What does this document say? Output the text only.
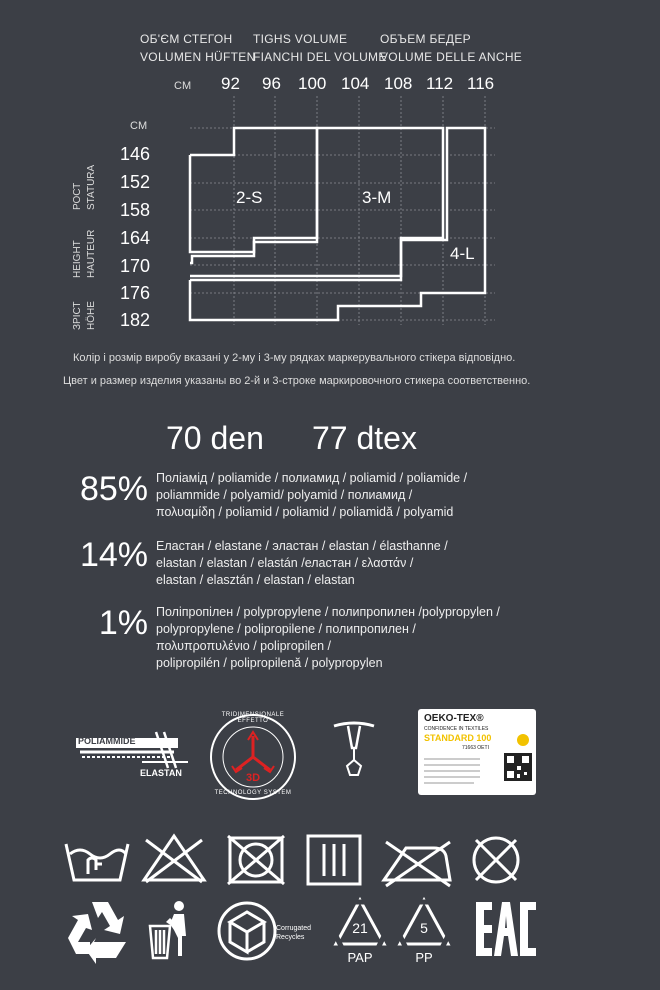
ОБ'ЄМ СТЕГОН
VOLUMEN HÜFTEN
TIGHS VOLUME
FIANCHI DEL VOLUME
ОБЪЕМ БЕДЕР
VOLUME DELLE ANCHE
CM 92 96 100 104 108 112 116
CM
146
152
158
164
170
176
182
РОСТ STATURA
HEIGHT HAUTEUR
ЗРІСТ HÖHE
2-S	3-M
4-L
Колір і розмір виробу вказані у 2-му і 3-му рядках маркерувального стікера відповідно.
Цвет и размер изделия указаны во 2-й и 3-строке маркировочного стикера соответственно.
70 den 77 dtex
85% Поліамід / poliamide / полиамид / poliamid / poliamide /
poliammide / polyamid/ polyamid / полиамид /
πολυαμίδη / poliamid / poliamid / poliamidă / polyamid
14% Еластан / elastane / эластан / elastan / élasthanne /
elastan / elastan / elastán /еластан / ελαστάν /
elastan / elasztán / elastan / elastan
1% Поліпропілен / polypropylene / полипропилен /polypropylen /
polypropylene / polipropilene / полипропилен /
πολυπροπυλένιο / polipropilen /
polipropilén / polipropilenă / polypropylen
POLIAMMIDE
ELASTAN
TRIDIMENSIONALE EFFETTO
3D
TECHNOLOGY SYSTEM
OEKO-TEX®
CONFIDENCE IN TEXTILES
STANDARD 100
71663 OETI
Corrugated Recycles
21
PAP
5
PP
